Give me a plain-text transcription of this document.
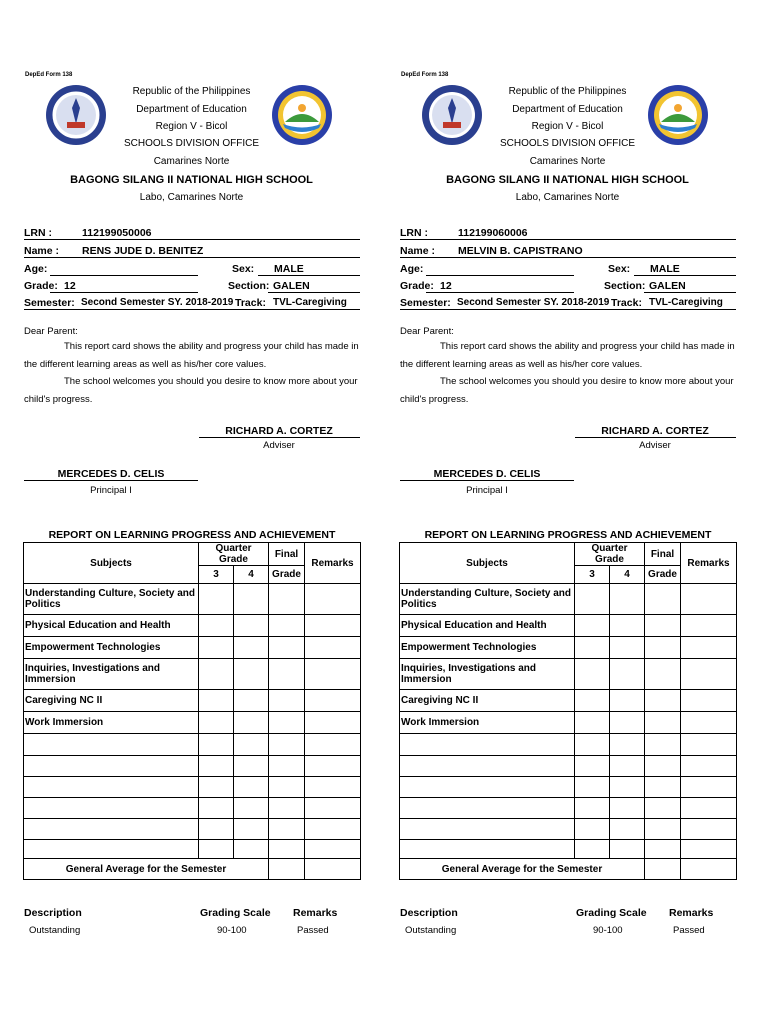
DepEd Form 138
Republic of the Philippines
Department of Education
Region V - Bicol
SCHOOLS DIVISION OFFICE
Camarines Norte
BAGONG SILANG II NATIONAL HIGH SCHOOL
Labo, Camarines Norte
LRN :	112199050006
Name : RENS JUDE D. BENITEZ
Age:	Sex: MALE
Grade: 12	Section: GALEN
Semester: Second Semester SY. 2018-2019 Track: TVL-Caregiving
Dear Parent:
This report card shows the ability and progress your child has made in
the different learning areas as well as his/her core values.
The school welcomes you should you desire to know more about your
child's progress.
RICHARD A. CORTEZ
Adviser
MERCEDES D. CELIS
Principal I
REPORT ON LEARNING PROGRESS AND ACHIEVEMENT
Subjects	Quarter Grade		Final	Remarks
	3	4	Grade	
Understanding Culture, Society and Politics				
Physical Education and Health				
Empowerment Technologies				
Inquiries, Investigations and Immersion				
Caregiving NC II				
Work Immersion				

General Average for the Semester				
Description	Grading Scale Remarks
Outstanding	90-100	Passed
DepEd Form 138
Republic of the Philippines
Department of Education
Region V - Bicol
SCHOOLS DIVISION OFFICE
Camarines Norte
BAGONG SILANG II NATIONAL HIGH SCHOOL
Labo, Camarines Norte
LRN :	112199060006
Name : MELVIN B. CAPISTRANO
Age:	Sex: MALE
Grade: 12	Section: GALEN
Semester: Second Semester SY. 2018-2019 Track: TVL-Caregiving
Dear Parent:
This report card shows the ability and progress your child has made in
the different learning areas as well as his/her core values.
The school welcomes you should you desire to know more about your
child's progress.
RICHARD A. CORTEZ
Adviser
MERCEDES D. CELIS
Principal I
REPORT ON LEARNING PROGRESS AND ACHIEVEMENT
Subjects	Quarter Grade		Final	Remarks
	3	4	Grade	
Understanding Culture, Society and Politics				
Physical Education and Health				
Empowerment Technologies				
Inquiries, Investigations and Immersion				
Caregiving NC II				
Work Immersion				

General Average for the Semester				
Description	Grading Scale Remarks
Outstanding	90-100	Passed
